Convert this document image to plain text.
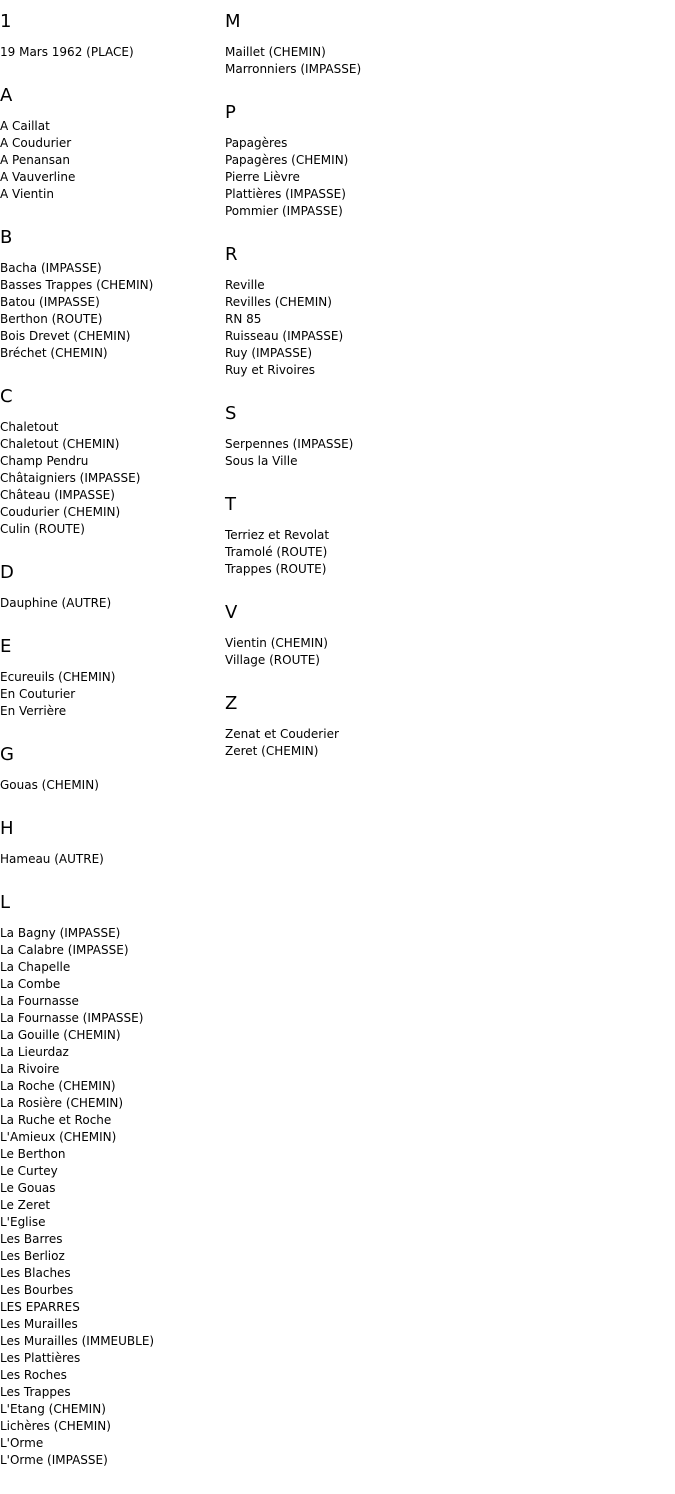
1
19 Mars 1962 (PLACE)
A
A Caillat
A Coudurier
A Penansan
A Vauverline
A Vientin
B
Bacha (IMPASSE)
Basses Trappes (CHEMIN)
Batou (IMPASSE)
Berthon (ROUTE)
Bois Drevet (CHEMIN)
Bréchet (CHEMIN)
C
Chaletout
Chaletout (CHEMIN)
Champ Pendru
Châtaigniers (IMPASSE)
Château (IMPASSE)
Coudurier (CHEMIN)
Culin (ROUTE)
D
Dauphine (AUTRE)
E
Ecureuils (CHEMIN)
En Couturier
En Verrière
G
Gouas (CHEMIN)
H
Hameau (AUTRE)
L
La Bagny (IMPASSE)
La Calabre (IMPASSE)
La Chapelle
La Combe
La Fournasse
La Fournasse (IMPASSE)
La Gouille (CHEMIN)
La Lieurdaz
La Rivoire
La Roche (CHEMIN)
La Rosière (CHEMIN)
La Ruche et Roche
L'Amieux (CHEMIN)
Le Berthon
Le Curtey
Le Gouas
Le Zeret
L'Eglise
Les Barres
Les Berlioz
Les Blaches
Les Bourbes
LES EPARRES
Les Murailles
Les Murailles (IMMEUBLE)
Les Plattières
Les Roches
Les Trappes
L'Etang (CHEMIN)
Lichères (CHEMIN)
L'Orme
L'Orme (IMPASSE)
M
Maillet (CHEMIN)
Marronniers (IMPASSE)
P
Papagères
Papagères (CHEMIN)
Pierre Lièvre
Plattières (IMPASSE)
Pommier (IMPASSE)
R
Reville
Revilles (CHEMIN)
RN 85
Ruisseau (IMPASSE)
Ruy (IMPASSE)
Ruy et Rivoires
S
Serpennes (IMPASSE)
Sous la Ville
T
Terriez et Revolat
Tramolé (ROUTE)
Trappes (ROUTE)
V
Vientin (CHEMIN)
Village (ROUTE)
Z
Zenat et Couderier
Zeret (CHEMIN)
